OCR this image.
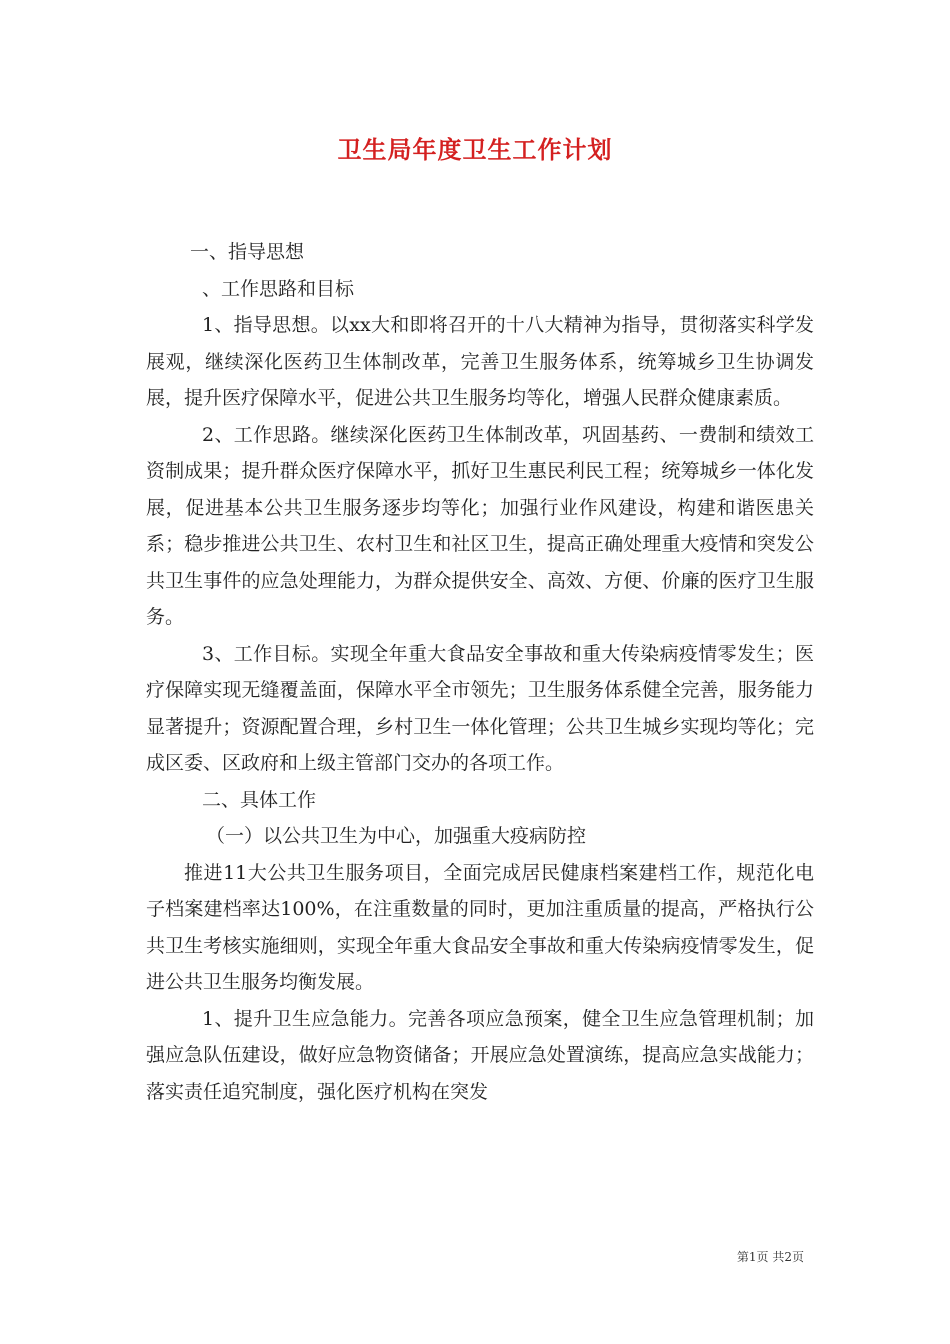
卫生局年度卫生工作计划

一、指导思想

、工作思路和目标

1、指导思想。以xx大和即将召开的十八大精神为指导，贯彻落实科学发展观，继续深化医药卫生体制改革，完善卫生服务体系，统筹城乡卫生协调发展，提升医疗保障水平，促进公共卫生服务均等化，增强人民群众健康素质。

2、工作思路。继续深化医药卫生体制改革，巩固基药、一费制和绩效工资制成果；提升群众医疗保障水平，抓好卫生惠民利民工程；统筹城乡一体化发展，促进基本公共卫生服务逐步均等化；加强行业作风建设，构建和谐医患关系；稳步推进公共卫生、农村卫生和社区卫生，提高正确处理重大疫情和突发公共卫生事件的应急处理能力，为群众提供安全、高效、方便、价廉的医疗卫生服务。

3、工作目标。实现全年重大食品安全事故和重大传染病疫情零发生；医疗保障实现无缝覆盖面，保障水平全市领先；卫生服务体系健全完善，服务能力显著提升；资源配置合理，乡村卫生一体化管理；公共卫生城乡实现均等化；完成区委、区政府和上级主管部门交办的各项工作。

二、具体工作

（一）以公共卫生为中心，加强重大疫病防控

推进11大公共卫生服务项目，全面完成居民健康档案建档工作，规范化电子档案建档率达100%，在注重数量的同时，更加注重质量的提高，严格执行公共卫生考核实施细则，实现全年重大食品安全事故和重大传染病疫情零发生，促进公共卫生服务均衡发展。

1、提升卫生应急能力。完善各项应急预案，健全卫生应急管理机制；加强应急队伍建设，做好应急物资储备；开展应急处置演练，提高应急实战能力；落实责任追究制度，强化医疗机构在突发

第1页 共2页
